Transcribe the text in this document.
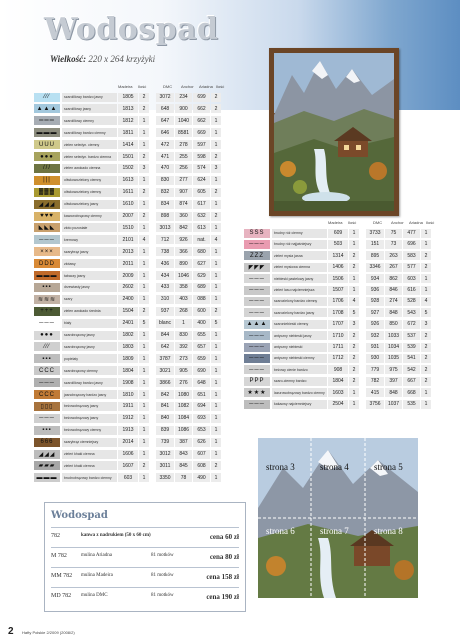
Wodospad
Wielkość: 220 x 264 krzyżyki
Madeira Ilość	DMC Anchor Ariadna Ilość
⁄⁄⁄	szaroliliowy bardzo jasny	1805	2	3072	234	699	2
▲▲▲	szaroliliowy jasny	1813	2	648	900	662	2
═══	szaroliliowy ciemny	1812	1	647	1040	662	1
▬▬▬	szaroliliowy bardzo ciemny	1811	1	646	8581	669	1
UUU	zielen seledyn. ciemny	1414	1	472	278	597	1
●●●	zielen seledyn. bardzo ciemna	1501	2	471	255	598	2
///	zielen awokado ciemna	1502	3	470	256	574	3
|||	oliwkowozielony ciemny	1613	1	830	277	624	1
▓▓▓	oliwkowozielony ciemny	1611	2	832	907	605	2
◢◢◢	oliwkowozielony jasny	1610	1	834	874	617	1
♥♥♥	kawowobrązowy ciemny	2007	2	898	360	632	2
◣◣◣	złoto pozostałe	1510	1	3013	842	613	1
───	kremowy	2101	4	712	926	nat.	4
×××	szarybrąz jasny	2013	1	738	366	680	1
DDD	złotawy	2011	1	436	890	627	1
▬▬▬	tabaczy jasny	2009	1	434	1046	629	1
▪▪▪	drzewiasty jasny	2602	1	433	358	689	1
≋≋≋	szary	2400	1	310	403	088	1
+++	zielen awokado średnia	1504	2	937	268	600	2
───	biały	2401	5	blanc	1	400	5
●●●	szarobrązowy jasny	1802	1	844	830	655	1
⁄⁄⁄	szarobrązowy jasny	1803	1	642	392	657	1
▪▪▪	popielaty	1809	1	3787	273	659	1
CCC	szarobrązowy ciemny	1804	1	3021	905	690	1
───	szaroliliowy bardzo jasny	1908	1	3866	276	648	1
CCC	jasnobrązowy bardzo jasny	1810	1	842	1080	651	1
▯▯▯	beżowobrązowy jasny	1911	1	841	1082	694	1
───	beżowobrązowy jasny	1912	1	840	1084	693	1
▪▪▪	beżowobrązowy ciemny	1913	1	839	1086	653	1
666	szarybrąz ciemniejszy	2014	1	739	387	626	1
◢◢◢	zieleń khaki ciemna	1606	1	3012	843	607	1
▰▰▰	zieleń khaki ciemna	1607	2	3011	845	608	2
▬▬▬	brudnobrązowy bardzo ciemny	603	1	3350	78	490	1
Madeira Ilość	DMC Anchor Ariadna Ilość
SSS	brudny róż ciemny	609	1	3733	75	477	1
───	brudny róż najjaśniejszy	503	1	151	73	696	1
ZZZ	zieleń mysia jasna	1314	2	895	263	583	2
◤◤◤	zieleń mysiowa ciemna	1406	2	3346	267	577	2
───	niebieski pastelowy jasny	1506	1	934	862	603	1
───	zieleń lasu najciemniejsza	1507	1	936	846	616	1
───	szarozielony bardzo ciemny	1706	4	928	274	528	4
───	szarozielony bardzo jasny	1708	5	927	848	543	5
▲▲▲	szaroniebieski ciemny	1707	3	926	850	672	3
───	antyczny niebieski jasny	1710	2	932	1033	537	2
───	antyczny niebieski	1711	2	931	1034	539	2
───	antyczny niebieski ciemny	1712	2	930	1035	541	2
───	beżowy cienie bardzo	908	2	779	975	542	2
PPP	szaro-ciemny bardzo	1804	2	782	397	667	2
★★★	lazurowobrązowy bardzo ciemny	1603	1	415	848	668	1
───	kakaowy najciemniejszy	2504	1	3756	1037	535	1
strona 3	strona 4	strona 5
strona 6	strona 7	strona 8
Wodospad
782	kanwa z nadrukiem (50 x 60 cm)	cena 60 zł
M 782	mulina Ariadna	81 motków	cena 80 zł
MM 782 mulina Madeira	81 motków	cena 158 zł
MD 782 mulina DMC	81 motków	cena 190 zł
2 Hafty Polskie 2/2009 (2008/2)
